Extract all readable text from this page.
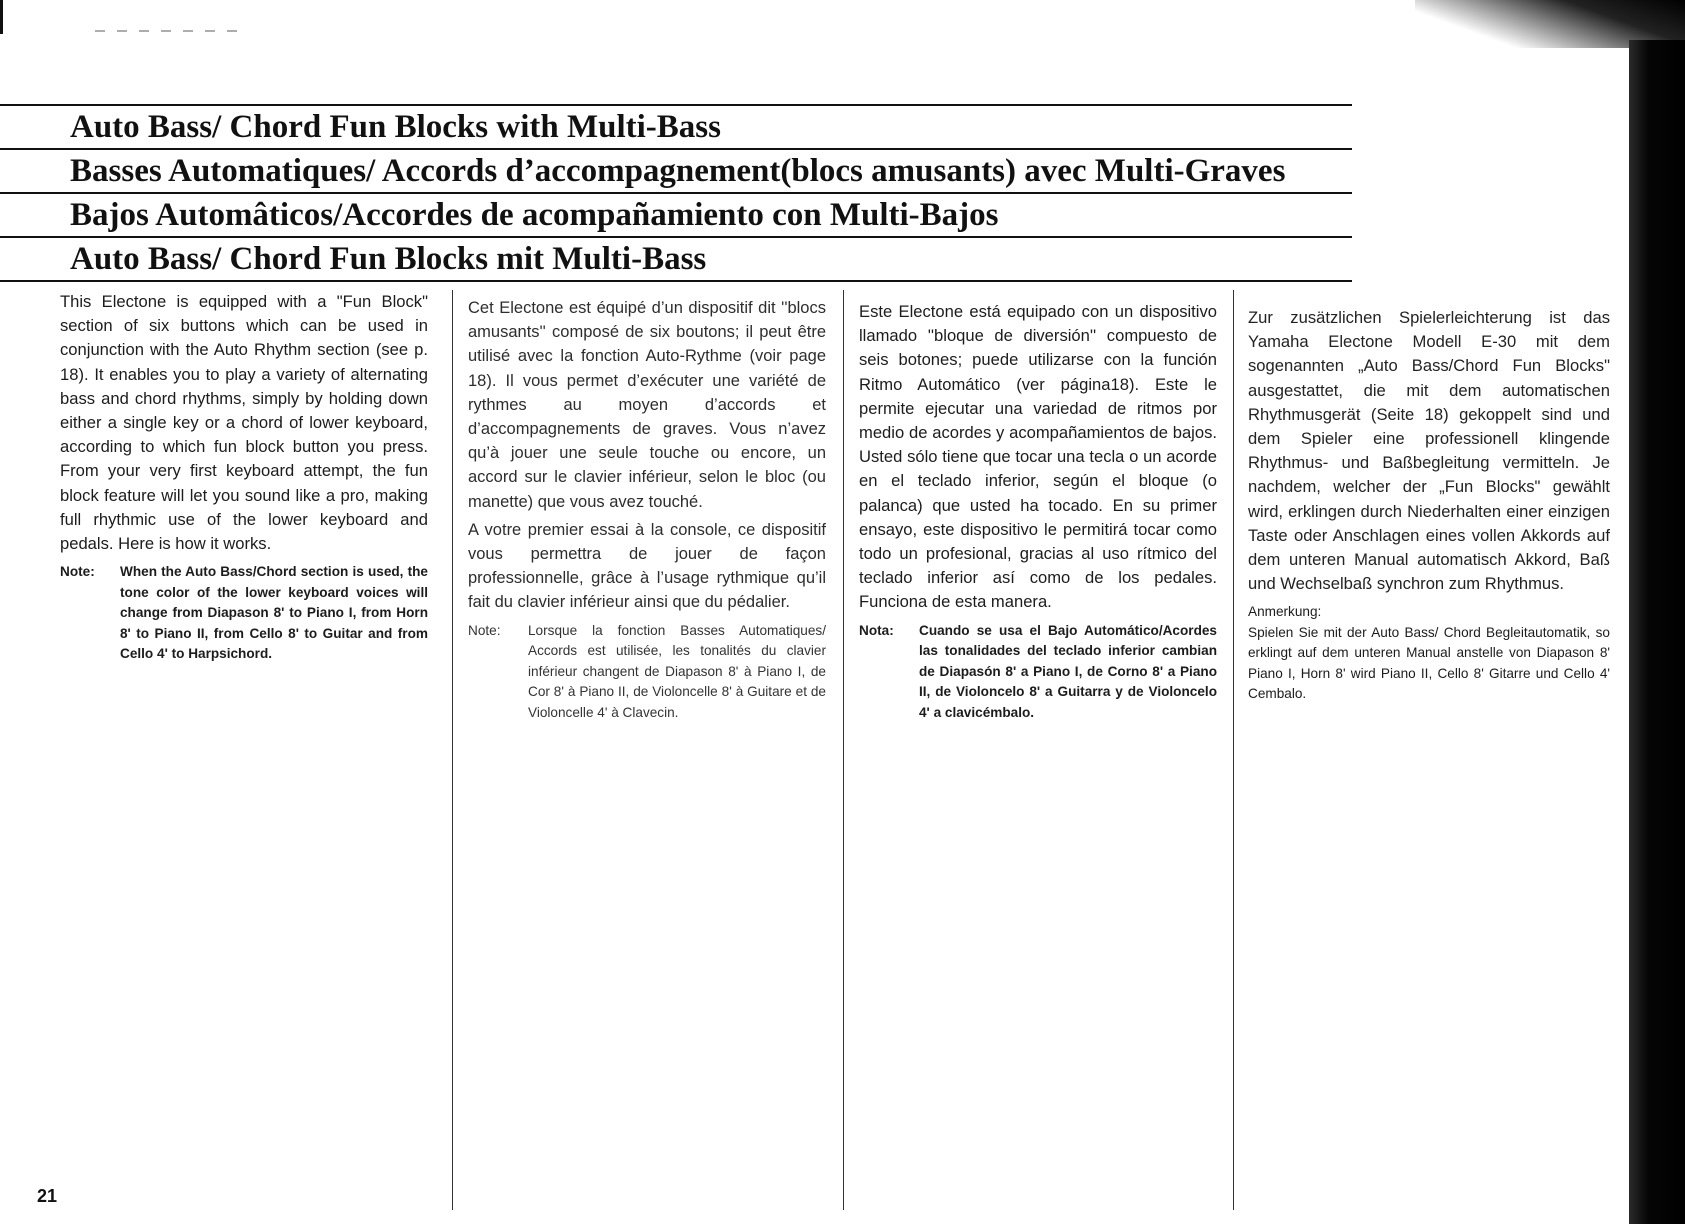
Auto Bass/ Chord Fun Blocks with Multi-Bass
Basses Automatiques/ Accords d’accompagnement(blocs amusants) avec Multi-Graves
Bajos Automâticos/Accordes de acompañamiento con Multi-Bajos
Auto Bass/ Chord Fun Blocks mit Multi-Bass

This Electone is equipped with a "Fun Block" section of six buttons which can be used in conjunction with the Auto Rhythm section (see p. 18). It enables you to play a variety of alternating bass and chord rhythms, simply by holding down either a single key or a chord of lower keyboard, according to which fun block button you press. From your very first keyboard attempt, the fun block feature will let you sound like a pro, making full rhythmic use of the lower keyboard and pedals. Here is how it works.

Note:	When the Auto Bass/Chord section is used, the tone color of the lower keyboard voices will change from Diapason 8' to Piano I, from Horn 8' to Piano II, from Cello 8' to Guitar and from Cello 4' to Harpsichord.

Cet Electone est équipé d’un dispositif dit ''blocs amusants'' composé de six boutons; il peut être utilisé avec la fonction Auto-Rythme (voir page 18). Il vous permet d’exécuter une variété de rythmes au moyen d’accords et d’accompagnements de graves. Vous n’avez qu’à jouer une seule touche ou encore, un accord sur le clavier inférieur, selon le bloc (ou manette) que vous avez touché.

A votre premier essai à la console, ce dispositif vous permettra de jouer de façon professionnelle, grâce à l’usage rythmique qu’il fait du clavier inférieur ainsi que du pédalier.

Note:	Lorsque la fonction Basses Automatiques/ Accords est utilisée, les tonalités du clavier inférieur changent de Diapason 8' à Piano I, de Cor 8' à Piano II, de Violoncelle 8' à Guitare et de Violoncelle 4' à Clavecin.

Este Electone está equipado con un dispositivo llamado ''bloque de diversión'' compuesto de seis botones; puede utilizarse con la función Ritmo Automático (ver página18). Este le permite ejecutar una variedad de ritmos por medio de acordes y acompañamientos de bajos. Usted sólo tiene que tocar una tecla o un acorde en el teclado inferior, según el bloque (o palanca) que usted ha tocado. En su primer ensayo, este dispositivo le permitirá tocar como todo un profesional, gracias al uso rítmico del teclado inferior así como de los pedales. Funciona de esta manera.

Nota:	Cuando se usa el Bajo Automático/Acordes las tonalidades del teclado inferior cambian de Diapasón 8' a Piano I, de Corno 8' a Piano II, de Violoncelo 8' a Guitarra y de Violoncelo 4' a clavicémbalo.

Zur zusätzlichen Spielerleichterung ist das Yamaha Electone Modell E-30 mit dem sogenannten „Auto Bass/Chord Fun Blocks" ausgestattet, die mit dem automatischen Rhythmusgerät (Seite 18) gekoppelt sind und dem Spieler eine professionell klingende Rhythmus- und Baßbegleitung vermitteln. Je nachdem, welcher der „Fun Blocks" gewählt wird, erklingen durch Niederhalten einer einzigen Taste oder Anschlagen eines vollen Akkords auf dem unteren Manual automatisch Akkord, Baß und Wechselbaß synchron zum Rhythmus.

Anmerkung:
Spielen Sie mit der Auto Bass/ Chord Begleitautomatik, so erklingt auf dem unteren Manual anstelle von Diapason 8' Piano I, Horn 8' wird Piano II, Cello 8' Gitarre und Cello 4' Cembalo.
21
